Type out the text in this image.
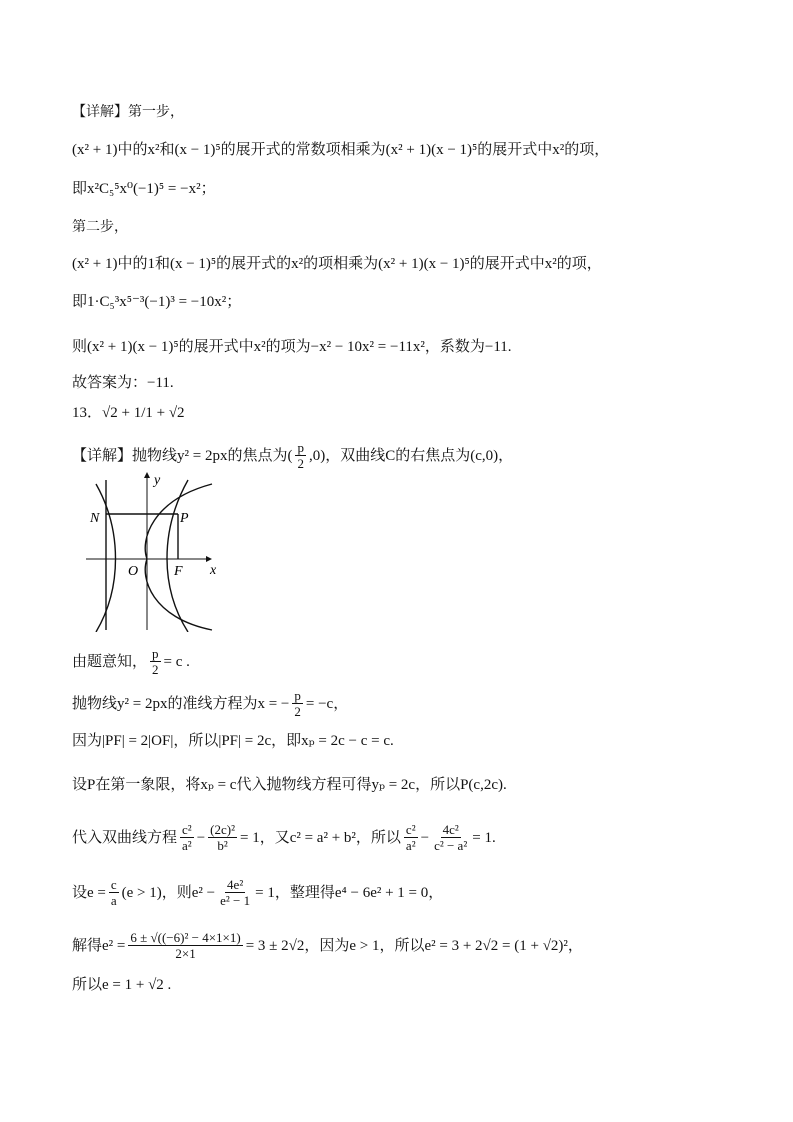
【详解】第一步，
(x² + 1)中的x²和(x − 1)⁵的展开式的常数项相乘为(x² + 1)(x − 1)⁵的展开式中x²的项，
即x²C₅⁵x⁰(−1)⁵ = −x²；
第二步，
(x² + 1)中的1和(x − 1)⁵的展开式的x²的项相乘为(x² + 1)(x − 1)⁵的展开式中x²的项，
即1·C₅³x⁵⁻³(−1)³ = −10x²；
则(x² + 1)(x − 1)⁵的展开式中x²的项为−x² − 10x² = −11x²，系数为−11.
故答案为：−11.
13．√2 + 1/1 + √2
【详解】抛物线y² = 2px的焦点为 ( $\frac{p}{2} ,0$) ，双曲线C的右焦点为(c,0)，
y
x
N	P
O	F
由题意知， $\frac{p}{2} = c$ .
抛物线y² = 2px的准线方程为x = − $\frac{p}{2} = -c$，
因为|PF| = 2|OF|，所以|PF| = 2c，即xₚ = 2c − c = c.
设P在第一象限，将xₚ = c代入抛物线方程可得yₚ = 2c，所以P(c,2c).
代入双曲线方程 $\frac{\text{c²}}{\text{a²}} - \frac{\text{(2c)²}}{\text{b²}} = 1$，又c² = a² + b²，所以 $\frac{\text{c²}}{\text{a²}} - \frac{\text{4c²}}{\text{c² − a²}} = 1$.
设$e = \frac{c}{a} (e > 1)$，则$e^2 - \frac{\text{4e²}}{\text{e² − 1}} = 1$，整理得e⁴ − 6e² + 1 = 0，
解得$e^2 = \frac{\text{6 ± √((−6)² − 4×1×1)}}{2\times 1} = 3 \pm 2√2$，因为e > 1，所以e² = 3 + 2√2 = (1 + √2)²，
所以e = 1 + √2 .
